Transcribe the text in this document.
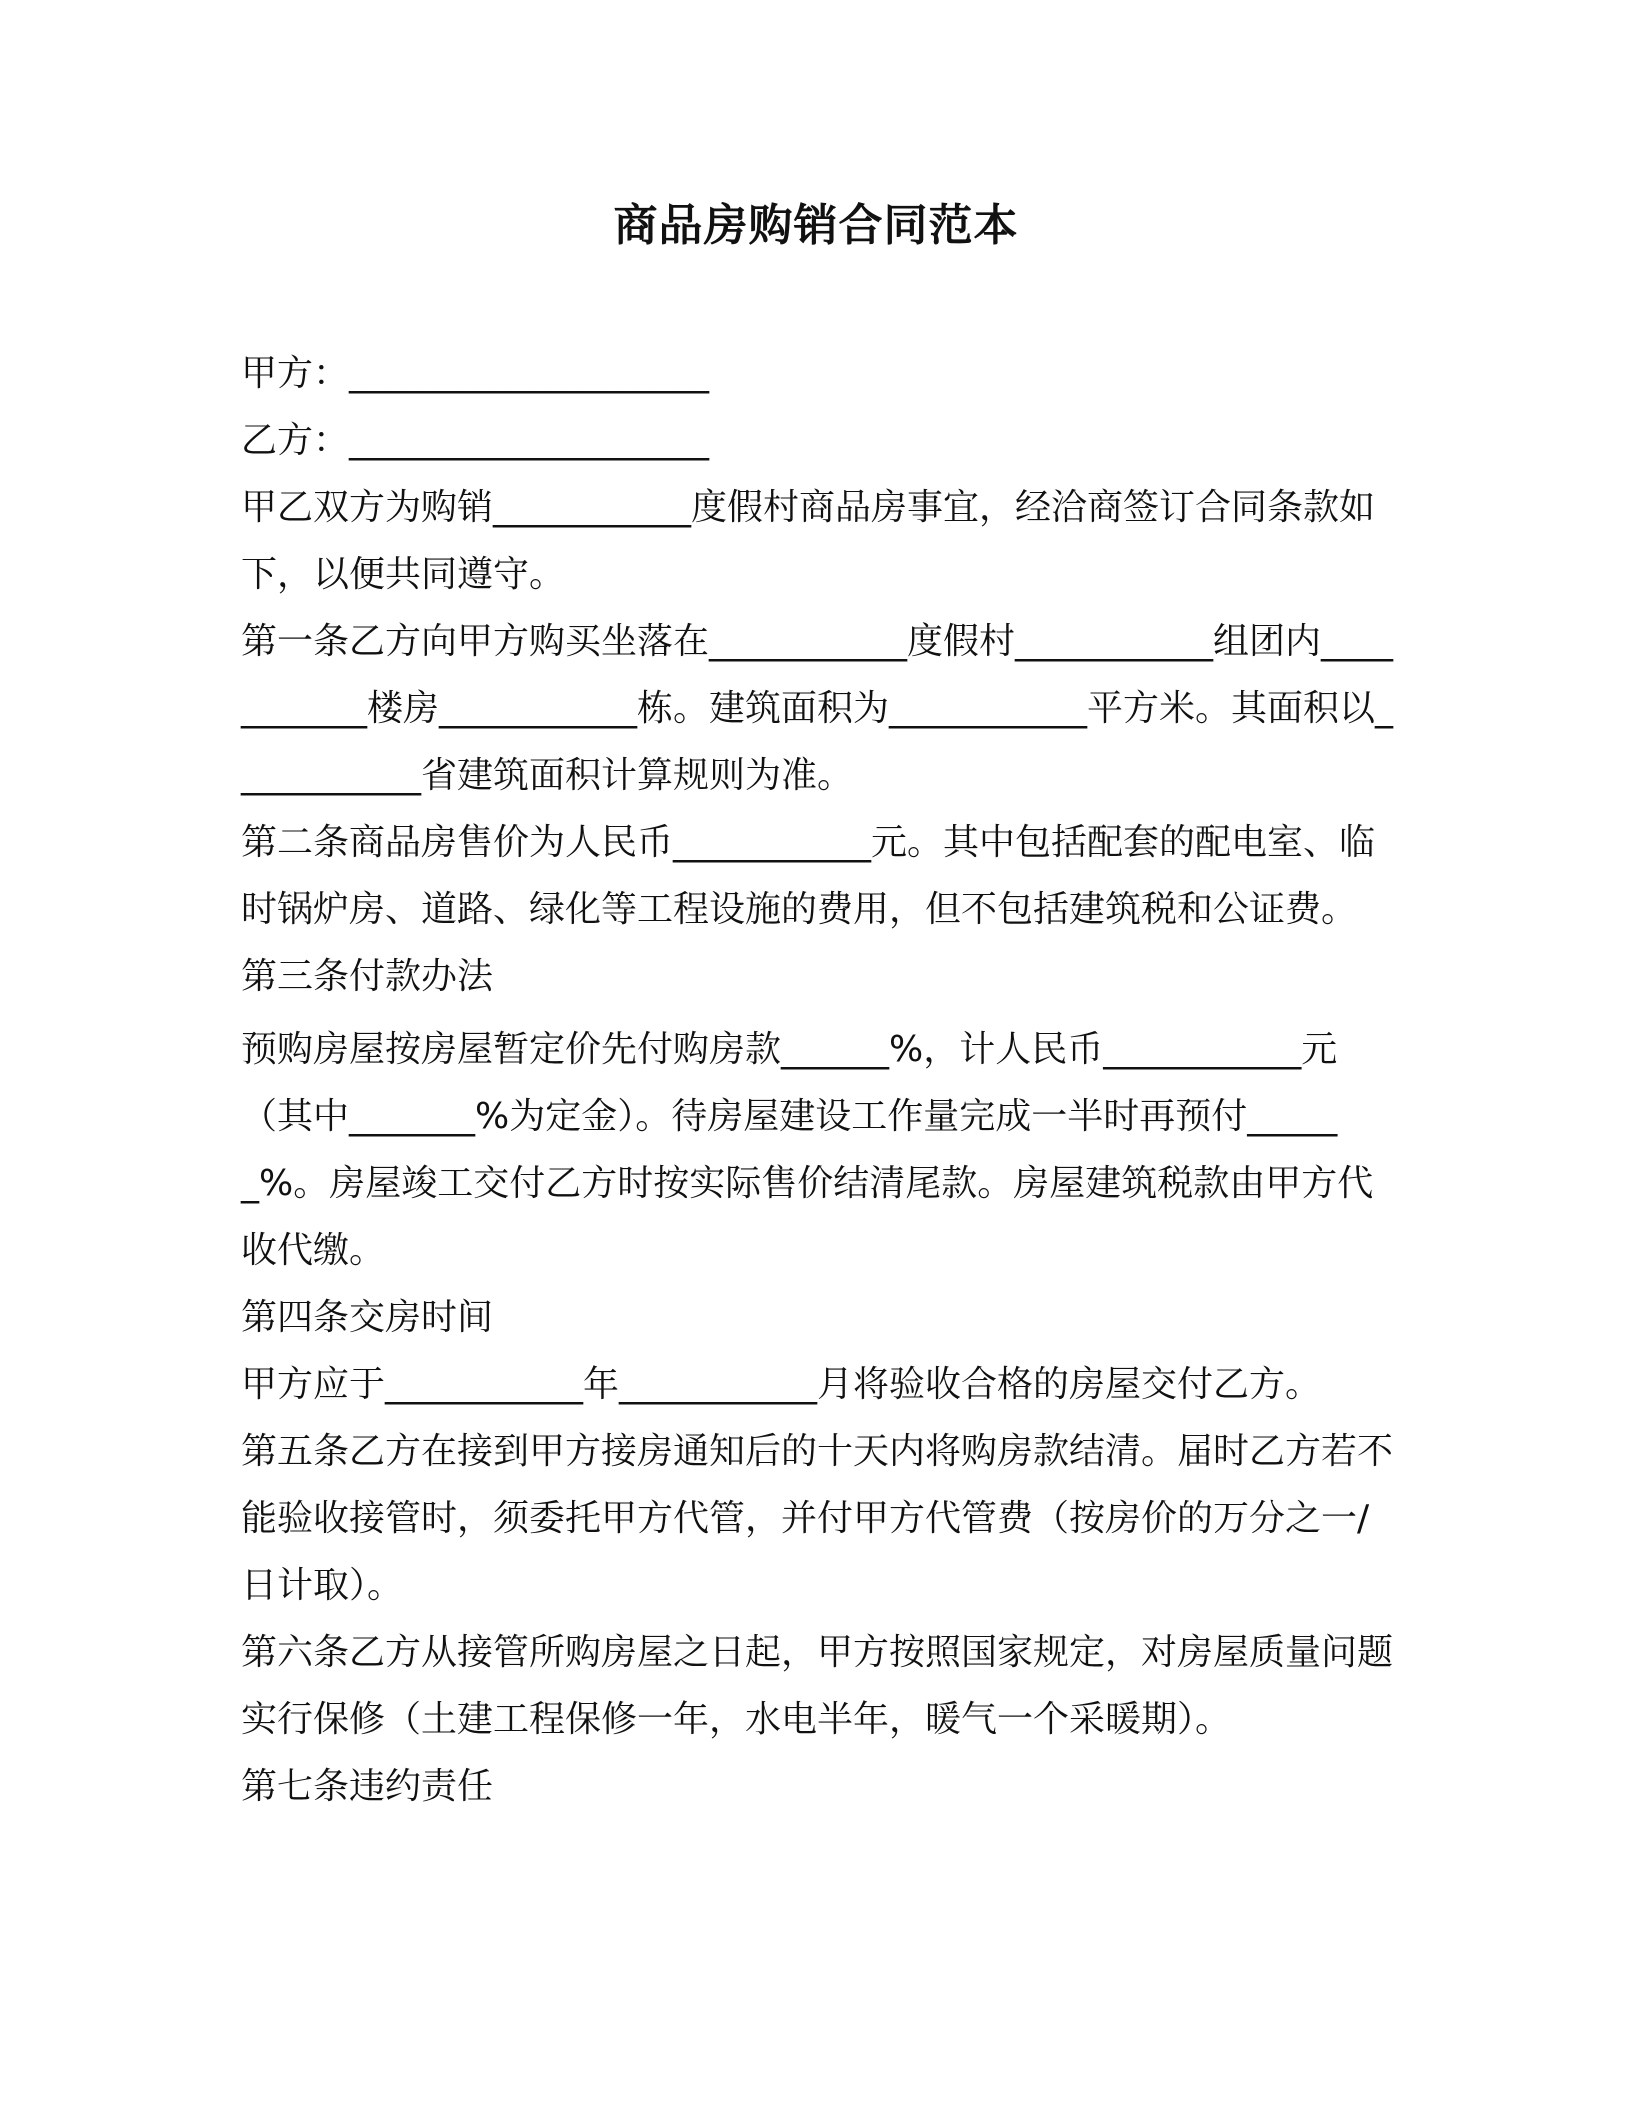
商品房购销合同范本

甲方：____________________

乙方：____________________

甲乙双方为购销___________度假村商品房事宜，经洽商签订合同条款如下，以便共同遵守。

第一条乙方向甲方购买坐落在___________度假村___________组团内___________楼房___________栋。建筑面积为___________平方米。其面积以___________省建筑面积计算规则为准。

第二条商品房售价为人民币___________元。其中包括配套的配电室、临时锅炉房、道路、绿化等工程设施的费用，但不包括建筑税和公证费。

第三条付款办法

预购房屋按房屋暂定价先付购房款______%，计人民币___________元（其中_______%为定金）。待房屋建设工作量完成一半时再预付______%。房屋竣工交付乙方时按实际售价结清尾款。房屋建筑税款由甲方代收代缴。

第四条交房时间

甲方应于___________年___________月将验收合格的房屋交付乙方。

第五条乙方在接到甲方接房通知后的十天内将购房款结清。届时乙方若不能验收接管时，须委托甲方代管，并付甲方代管费（按房价的万分之一/日计取）。

第六条乙方从接管所购房屋之日起，甲方按照国家规定，对房屋质量问题实行保修（土建工程保修一年，水电半年，暖气一个采暖期）。

第七条违约责任
